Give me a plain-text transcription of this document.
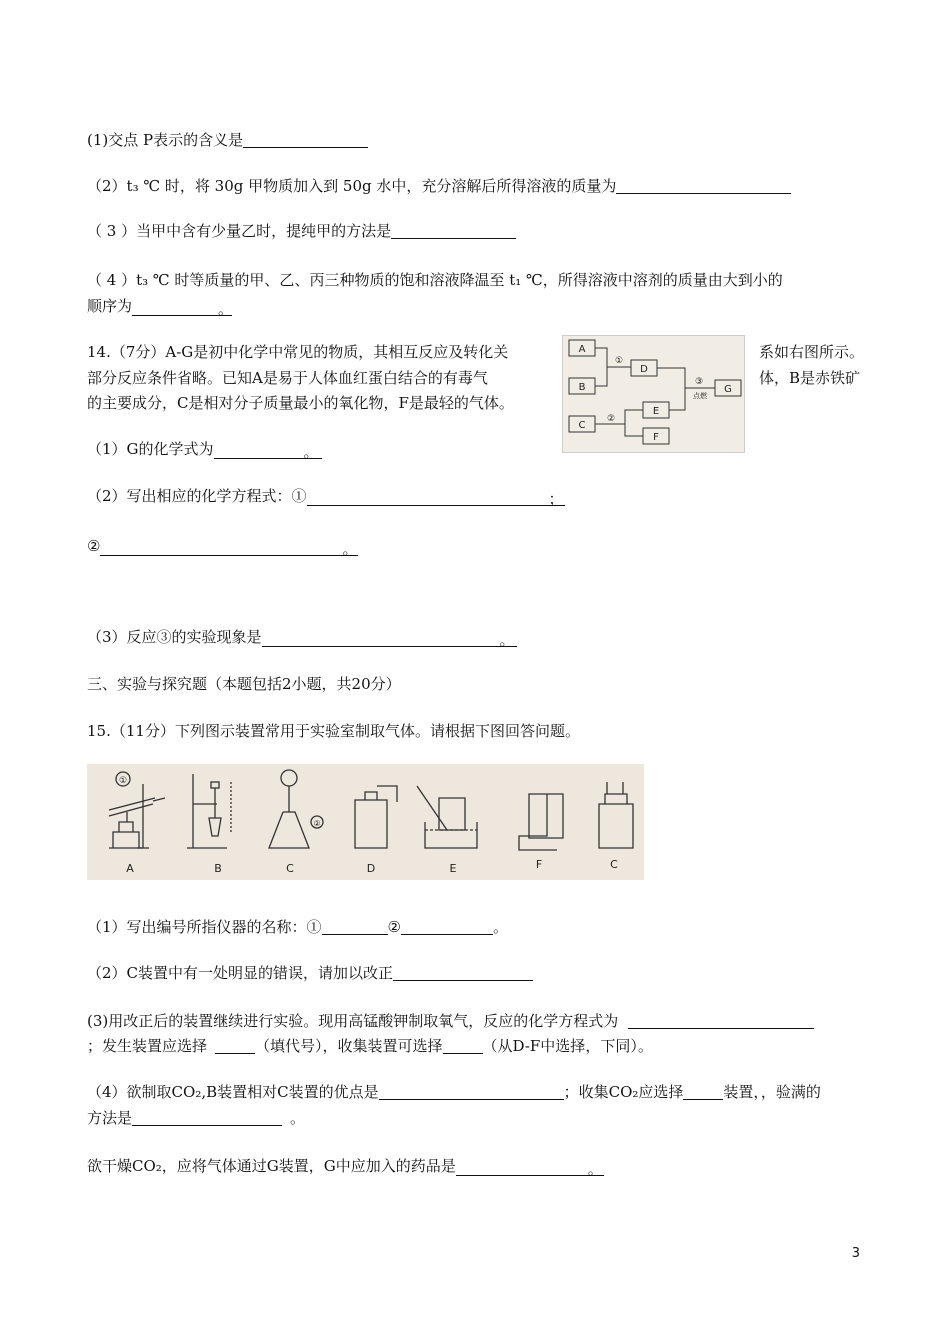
(1)交点 P表示的含义是
（2）t₃ ℃ 时，将 30g 甲物质加入到 50g 水中，充分溶解后所得溶液的质量为
（ 3 ）当甲中含有少量乙时，提纯甲的方法是
（ 4 ）t₃ ℃ 时等质量的甲、乙、丙三种物质的饱和溶液降温至 t₁ ℃，所得溶液中溶剂的质量由大到小的
顺序为	。
14.（7分）A-G是初中化学中常见的物质，其相互反应及转化关	系如右图所示。
部分反应条件省略。已知A是易于人体血红蛋白结合的有毒气	体，B是赤铁矿
的主要成分，C是相对分子质量最小的氧化物，F是最轻的气体。
A
B
C
D
E
F
G
①
②
③
点燃
（1）G的化学式为	。
（2）写出相应的化学方程式：①	；
②	。
（3）反应③的实验现象是	。
三、实验与探究题（本题包括2小题，共20分）
15.（11分）下列图示装置常用于实验室制取气体。请根据下图回答问题。
①
②
A	B	C	D	E	F	C
（1）写出编号所指仪器的名称：①	②	。
（2）C装置中有一处明显的错误，请加以改正
(3)用改正后的装置继续进行实验。现用高锰酸钾制取氧气，反应的化学方程式为
；发生装置应选择	（填代号），收集装置可选择	（从D-F中选择，下同）。
（4）欲制取CO₂,B装置相对C装置的优点是	；收集CO₂应选择	装置，，验满的
方法是	。
欲干燥CO₂，应将气体通过G装置，G中应加入的药品是	。
3
